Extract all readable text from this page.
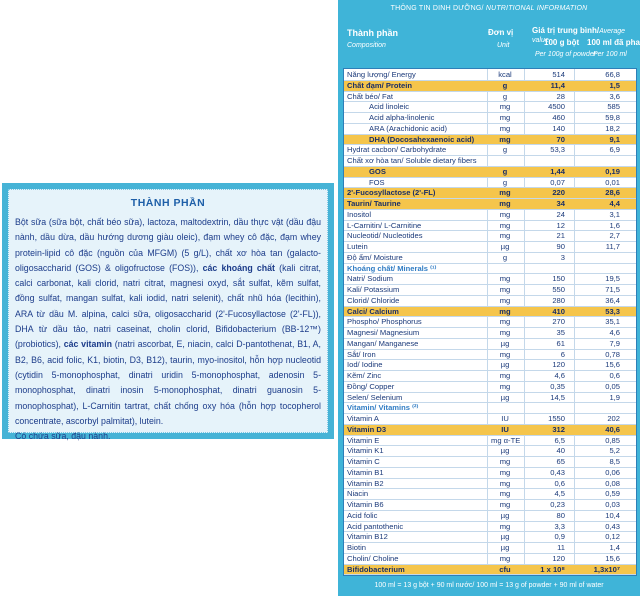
THÀNH PHẦN
Bột sữa (sữa bột, chất béo sữa), lactoza, maltodextrin, dầu thực vật (dầu đậu nành, dầu dừa, dầu hướng dương giàu oleic), đạm whey cô đặc, đạm whey protein-lipid cô đặc (nguồn của MFGM) (5 g/L), chất xơ hòa tan (galacto-oligosaccharid (GOS) & oligofructose (FOS)), các khoáng chất (kali citrat, calci carbonat, kali clorid, natri citrat, magnesi oxyd, sắt sulfat, kẽm sulfat, đồng sulfat, mangan sulfat, kali iodid, natri selenit), chất nhũ hóa (lecithin), ARA từ dầu M. alpina, calci sữa, oligosaccharid (2'-Fucosyllactose (2'-FL)), DHA từ dầu tảo, natri caseinat, cholin clorid, Bifidobacterium (BB-12™) (probiotics), các vitamin (natri ascorbat, E, niacin, calci D-pantothenat, B1, A, B2, B6, acid folic, K1, biotin, D3, B12), taurin, myo-inositol, hỗn hợp nucleotid (cytidin 5-monophosphat, dinatri uridin 5-monophosphat, adenosin 5-monophosphat, dinatri inosin 5-monophosphat, dinatri guanosin 5-monophosphat), L-Carnitin tartrat, chất chống oxy hóa (hỗn hợp tocopherol concentrate, ascorbyl palmitat), lutein.
Có chứa sữa, đậu nành.
THÔNG TIN DINH DƯỠNG/ NUTRITIONAL INFORMATION
Thành phần
Composition
Đơn vị
Unit
Giá trị trung bình/Average value
100 g bột 100 ml đã pha
Per 100g of powder
Per 100 ml
Năng lượng/ Energy	kcal	514	66,8
Chất đạm/ Protein	g	11,4	1,5
Chất béo/ Fat	g	28	3,6
Acid linoleic	mg	4500	585
Acid alpha-linolenic	mg	460	59,8
ARA (Arachidonic acid)	mg	140	18,2
DHA (Docosahexaenoic acid)	mg	70	9,1
Hydrat cacbon/ Carbohydrate	g	53,3	6,9
Chất xơ hòa tan/ Soluble dietary fibers
GOS	g	1,44	0,19
FOS	g	0,07	0,01
2'-Fucosyllactose (2'-FL)	mg	220	28,6
Taurin/ Taurine	mg	34	4,4
Inositol	mg	24	3,1
L-Carnitin/ L-Carnitine	mg	12	1,6
Nucleotid/ Nucleotides	mg	21	2,7
Lutein	µg	90	11,7
Độ ẩm/ Moisture	g	3
Khoáng chất/ Minerals ⁽¹⁾
Natri/ Sodium	mg	150	19,5
Kali/ Potassium	mg	550	71,5
Clorid/ Chloride	mg	280	36,4
Calci/ Calcium	mg	410	53,3
Phospho/ Phosphorus	mg	270	35,1
Magnesi/ Magnesium	mg	35	4,6
Mangan/ Manganese	µg	61	7,9
Sắt/ Iron	mg	6	0,78
Iod/ Iodine	µg	120	15,6
Kẽm/ Zinc	mg	4,6	0,6
Đồng/ Copper	mg	0,35	0,05
Selen/ Selenium	µg	14,5	1,9
Vitamin/ Vitamins ⁽²⁾
Vitamin A	IU	1550	202
Vitamin D3	IU	312	40,6
Vitamin E	mg α-TE	6,5	0,85
Vitamin K1	µg	40	5,2
Vitamin C	mg	65	8,5
Vitamin B1	mg	0,43	0,06
Vitamin B2	mg	0,6	0,08
Niacin	mg	4,5	0,59
Vitamin B6	mg	0,23	0,03
Acid folic	µg	80	10,4
Acid pantothenic	mg	3,3	0,43
Vitamin B12	µg	0,9	0,12
Biotin	µg	11	1,4
Cholin/ Choline	mg	120	15,6
Bifidobacterium	cfu	1 x 10⁸	1,3x10⁷
100 ml = 13 g bột + 90 ml nước/ 100 ml = 13 g of powder + 90 ml of water
